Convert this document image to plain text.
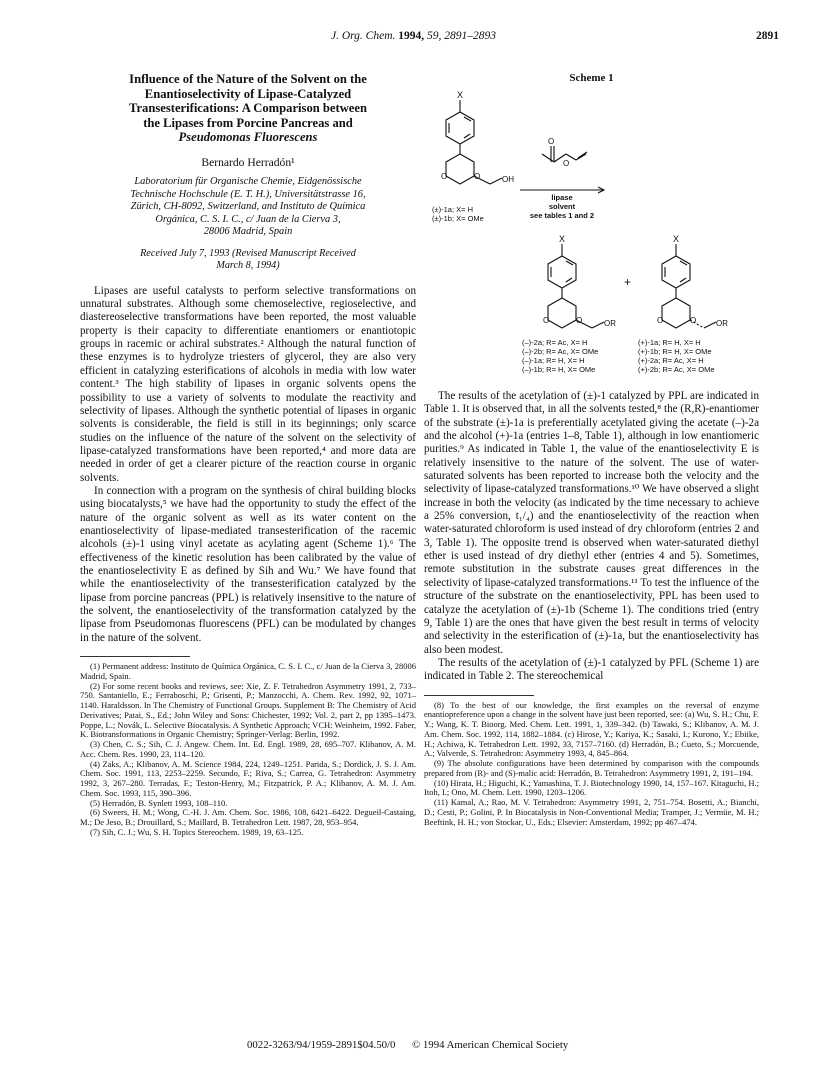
J. Org. Chem. 1994, 59, 2891–2893	2891
Influence of the Nature of the Solvent on the
Enantioselectivity of Lipase-Catalyzed
Transesterifications: A Comparison between
the Lipases from Porcine Pancreas and
Pseudomonas Fluorescens
Bernardo Herradón¹
Laboratorium für Organische Chemie, Eidgenössische
Technische Hochschule (E. T. H.), Universitätstrasse 16,
Zürich, CH-8092, Switzerland, and Instituto de Química
Orgánica, C. S. I. C., c/ Juan de la Cierva 3,
28006 Madrid, Spain
Received July 7, 1993 (Revised Manuscript Received
March 8, 1994)

Lipases are useful catalysts to perform selective transformations on unnatural substrates. Although some chemoselective, regioselective, and diastereoselective transformations have been reported, the most valuable property is their capacity to differentiate enantiomers or enantiotopic groups in racemic or achiral substrates.² Although the natural function of these enzymes is to hydrolyze triesters of glycerol, they are also very efficient in catalyzing esterifications of alcohols in media with low water content.³ The high stability of lipases in organic solvents opens the possibility to use a variety of solvents to modulate the reactivity and selectivity of lipases. Although the synthetic potential of lipases in organic solvents is considerable, the field is still in its beginnings; only scarce studies on the influence of the nature of the solvent on the selectivity of lipase-catalyzed transformations have been reported,⁴ and more data are needed in order of get a clearer picture of the reaction course in organic solvents.

In connection with a program on the synthesis of chiral building blocks using biocatalysts,⁵ we have had the opportunity to study the effect of the nature of the organic solvent as well as its water content on the enantioselectivity of lipase-mediated transesterification of the racemic alcohols (±)-1 using vinyl acetate as acylating agent (Scheme 1).⁶ The effectiveness of the kinetic resolution has been calibrated by the value of the enantioselectivity E as defined by Sih and Wu.⁷ We have found that while the enantioselectivity of the transesterification catalyzed by the lipase from porcine pancreas (PPL) is relatively insensitive to the nature of the solvent, the enantioselectivity of the transformation catalyzed by the lipase from Pseudomonas fluorescens (PFL) can be modulated by changes in the nature of the solvent.

(1) Permanent address: Instituto de Química Orgánica, C. S. I. C., c/ Juan de la Cierva 3, 28006 Madrid, Spain.

(2) For some recent books and reviews, see: Xie, Z. F. Tetrahedron Asymmetry 1991, 2, 733–750. Santaniello, E.; Ferraboschi, P.; Grisenti, P.; Manzocchi, A. Chem. Rev. 1992, 92, 1071–1140. Haraldsson. In The Chemistry of Functional Groups. Supplement B: The Chemistry of Acid Derivatives; Patai, S., Ed.; John Wiley and Sons: Chichester, 1992; Vol. 2, part 2, pp 1395–1473. Poppe, L.; Novák, L. Selective Biocatalysis. A Synthetic Approach; VCH: Weinheim, 1992. Faber, K. Biotransformations in Organic Chemistry; Springer-Verlag: Berlin, 1992.

(3) Chen, C. S.; Sih, C. J. Angew. Chem. Int. Ed. Engl. 1989, 28, 695–707. Klibanov, A. M. Acc. Chem. Res. 1990, 23, 114–120.

(4) Zaks, A.; Klibanov, A. M. Science 1984, 224, 1249–1251. Parida, S.; Dordick, J. S. J. Am. Chem. Soc. 1991, 113, 2253–2259. Secundo, F.; Riva, S.; Carrea, G. Tetrahedron: Asymmetry 1992, 3, 267–280. Terradas, F.; Teston-Henry, M.; Fitzpatrick, P. A.; Klibanov, A. M. J. Am. Chem. Soc. 1993, 115, 390–396.

(5) Herradón, B. Synlett 1993, 108–110.

(6) Sweers, H. M.; Wong, C.-H. J. Am. Chem. Soc. 1986, 108, 6421–6422. Degueil-Castaing, M.; De Jeso, B.; Drouillard, S.; Maillard, B. Tetrahedron Lett. 1987, 28, 953–954.

(7) Sih, C. J.; Wu, S. H. Topics Stereochem. 1989, 19, 63–125.

Scheme 1
X
O	O	OH
O
O
lipase
solvent
see tables 1 and 2
(±)-1a; X= H
(±)-1b; X= OMe
X
O	O	OR
+
X
O	O OR
(–)-2a; R= Ac, X= H
(–)-2b; R= Ac, X= OMe
(–)-1a; R= H, X= H
(–)-1b; R= H, X= OMe
(+)-1a; R= H, X= H
(+)-1b; R= H, X= OMe
(+)-2a; R= Ac, X= H
(+)-2b; R= Ac, X= OMe

The results of the acetylation of (±)-1 catalyzed by PPL are indicated in Table 1. It is observed that, in all the solvents tested,⁸ the (R,R)-enantiomer of the substrate (±)-1a is preferentially acetylated giving the acetate (–)-2a and the alcohol (+)-1a (entries 1–8, Table 1), although in low enantiomeric purities.⁹ As indicated in Table 1, the value of the enantioselectivity E is relatively insensitive to the nature of the solvent. The use of water-saturated solvents has been reported to increase both the velocity and the selectivity of lipase-catalyzed transformations.¹⁰ We have observed a slight increase in both the velocity (as indicated by the time necessary to achieve a 25% conversion, t₁/₄) and the enantioselectivity of the reaction when water-saturated chloroform is used instead of dry chloroform (entries 2 and 3, Table 1). The opposite trend is observed when water-saturated diethyl ether is used instead of dry diethyl ether (entries 4 and 5). Sometimes, remote substitution in the substrate causes great differences in the selectivity of lipase-catalyzed transformations.¹¹ To test the influence of the structure of the substrate on the enantioselectivity, PPL has been used to catalyze the acetylation of (±)-1b (Scheme 1). The conditions tried (entry 9, Table 1) are the ones that have given the best result in terms of velocity and selectivity in the esterification of (±)-1a, but the enantioselectivity has also been modest.

The results of the acetylation of (±)-1 catalyzed by PFL (Scheme 1) are indicated in Table 2. The stereochemical

(8) To the best of our knowledge, the first examples on the reversal of enzyme enantiopreference upon a change in the solvent have just been reported, see: (a) Wu, S. H.; Chu, F. Y.; Wang, K. T. Bioorg. Med. Chem. Lett. 1991, 1, 339–342. (b) Tawaki, S.; Klibanov, A. M. J. Am. Chem. Soc. 1992, 114, 1882–1884. (c) Hirose, Y.; Kariya, K.; Sasaki, I.; Kurono, Y.; Ebiike, H.; Achiwa, K. Tetrahedron Lett. 1992, 33, 7157–7160. (d) Herradón, B.; Cueto, S.; Morcuende, A.; Valverde, S. Tetrahedron: Asymmetry 1993, 4, 845–864.

(9) The absolute configurations have been determined by comparison with the compounds prepared from (R)- and (S)-malic acid: Herradón, B. Tetrahedron: Asymmetry 1991, 2, 191–194.

(10) Hirata, H.; Higuchi, K.; Yamashina, T. J. Biotechnology 1990, 14, 157–167. Kitaguchi, H.; Itoh, I.; Ono, M. Chem. Lett. 1990, 1203–1206.

(11) Kamal, A.; Rao, M. V. Tetrahedron: Asymmetry 1991, 2, 751–754. Bosetti, A.; Bianchi, D.; Cesti, P.; Golini, P. In Biocatalysis in Non-Conventional Media; Tramper, J.; Vermüe, M. H.; Beeftink, H. H.; von Stockar, U., Eds.; Elsevier: Amsterdam, 1992; pp 467–474.

0022-3263/94/1959-2891$04.50/0 © 1994 American Chemical Society
